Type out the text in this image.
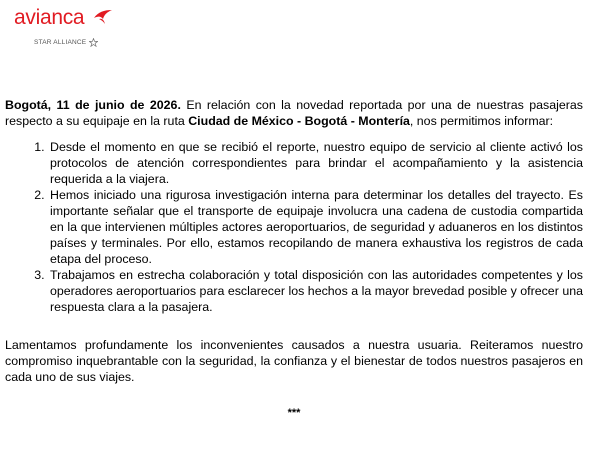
avianca
STAR ALLIANCE

Bogotá, 11 de junio de 2026. En relación con la novedad reportada por una de nuestras pasajeras respecto a su equipaje en la ruta Ciudad de México - Bogotá - Montería, nos permitimos informar:

1. Desde el momento en que se recibió el reporte, nuestro equipo de servicio al cliente activó los protocolos de atención correspondientes para brindar el acompañamiento y la asistencia requerida a la viajera.
2. Hemos iniciado una rigurosa investigación interna para determinar los detalles del trayecto. Es importante señalar que el transporte de equipaje involucra una cadena de custodia compartida en la que intervienen múltiples actores aeroportuarios, de seguridad y aduaneros en los distintos países y terminales. Por ello, estamos recopilando de manera exhaustiva los registros de cada etapa del proceso.
3. Trabajamos en estrecha colaboración y total disposición con las autoridades competentes y los operadores aeroportuarios para esclarecer los hechos a la mayor brevedad posible y ofrecer una respuesta clara a la pasajera.

Lamentamos profundamente los inconvenientes causados a nuestra usuaria. Reiteramos nuestro compromiso inquebrantable con la seguridad, la confianza y el bienestar de todos nuestros pasajeros en cada uno de sus viajes.

***
